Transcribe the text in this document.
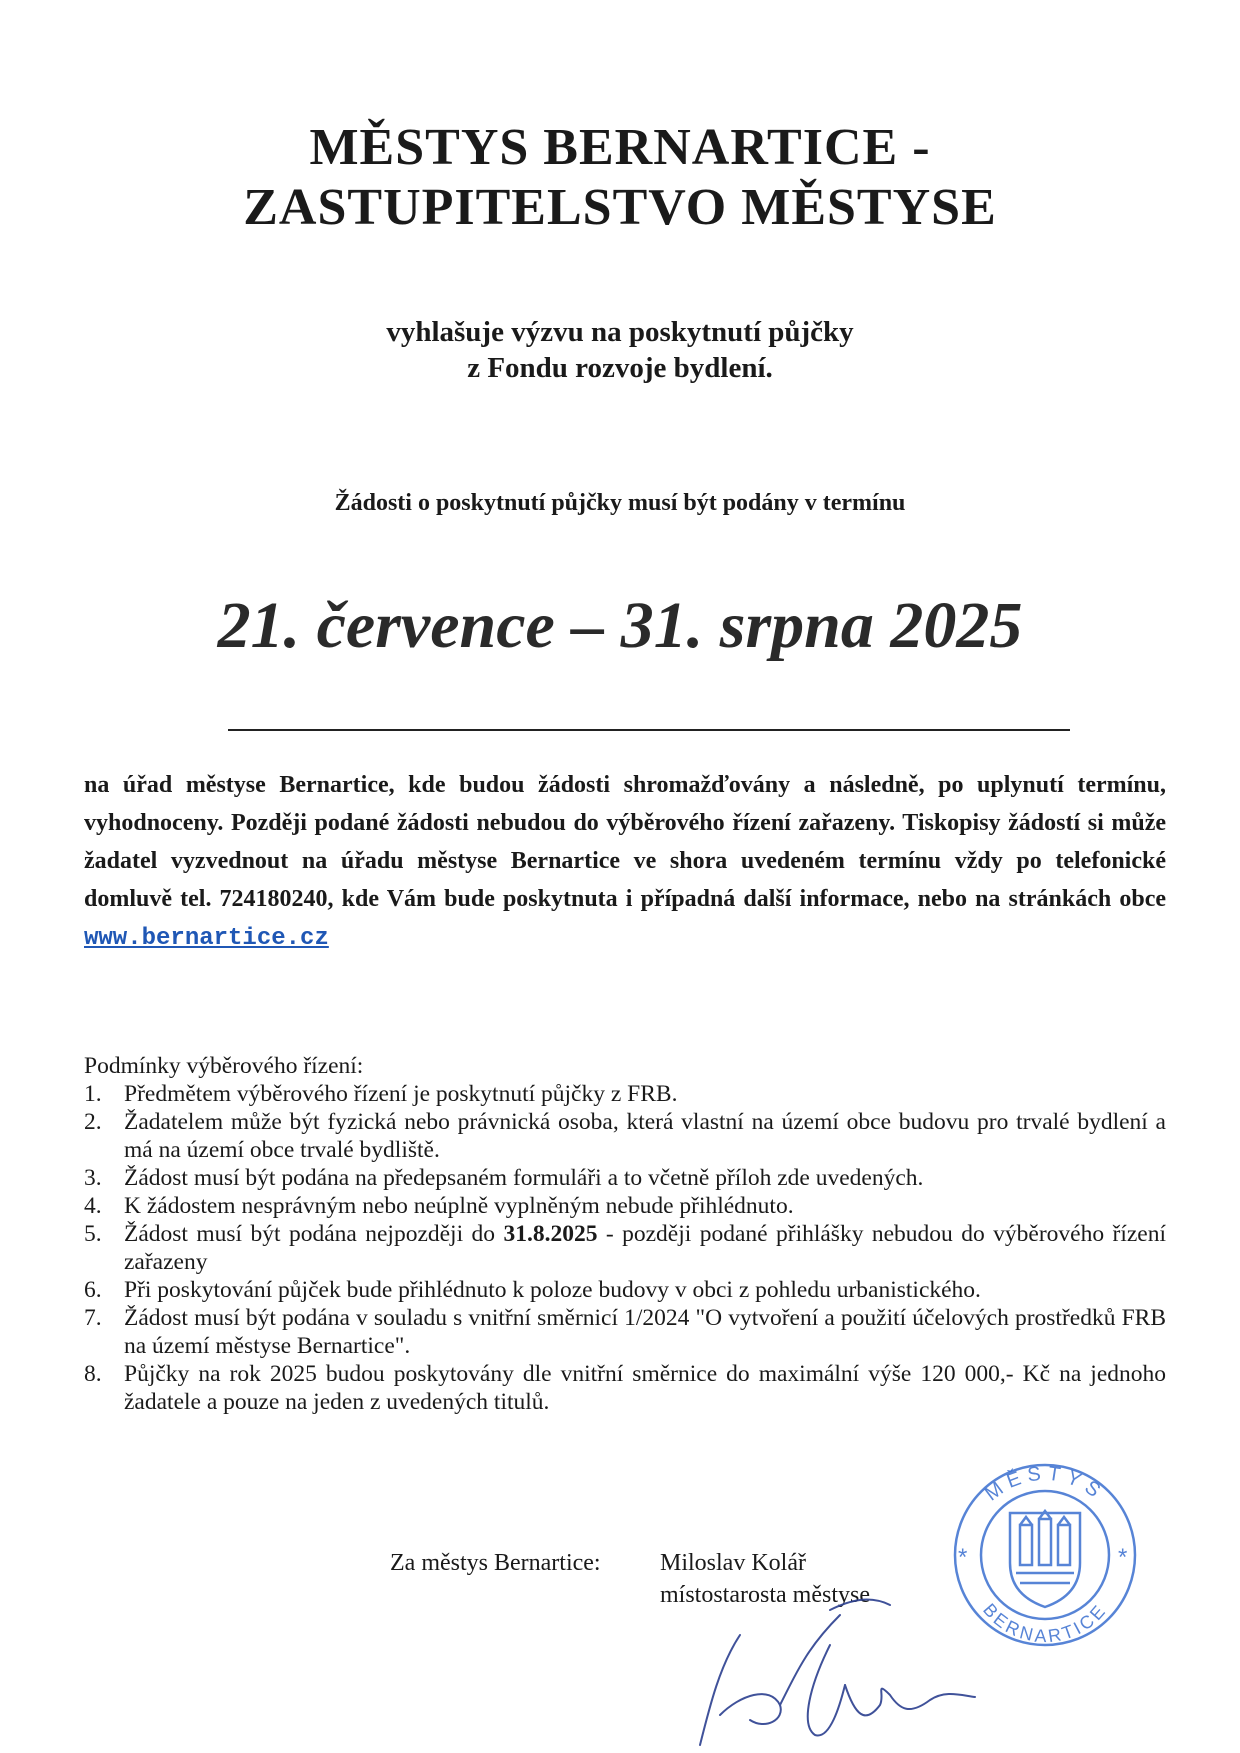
MĚSTYS BERNARTICE -
ZASTUPITELSTVO MĚSTYSE
vyhlašuje výzvu na poskytnutí půjčky
z Fondu rozvoje bydlení.
Žádosti o poskytnutí půjčky musí být podány v termínu
21. července – 31. srpna 2025
na úřad městyse Bernartice, kde budou žádosti shromažďovány a následně, po uplynutí termínu, vyhodnoceny. Později podané žádosti nebudou do výběrového řízení zařazeny. Tiskopisy žádostí si může žadatel vyzvednout na úřadu městyse Bernartice ve shora uvedeném termínu vždy po telefonické domluvě tel. 724180240, kde Vám bude poskytnuta i případná další informace, nebo na stránkách obce www.bernartice.cz

Podmínky výběrového řízení:

1. Předmětem výběrového řízení je poskytnutí půjčky z FRB.
2. Žadatelem může být fyzická nebo právnická osoba, která vlastní na území obce budovu pro trvalé bydlení a má na území obce trvalé bydliště.
3. Žádost musí být podána na předepsaném formuláři a to včetně příloh zde uvedených.
4. K žádostem nesprávným nebo neúplně vyplněným nebude přihlédnuto.
5. Žádost musí být podána nejpozději do 31.8.2025 - později podané přihlášky nebudou do výběrového řízení zařazeny
6. Při poskytování půjček bude přihlédnuto k poloze budovy v obci z pohledu urbanistického.
7. Žádost musí být podána v souladu s vnitřní směrnicí 1/2024 "O vytvoření a použití účelových prostředků FRB na území městyse Bernartice".
8. Půjčky na rok 2025 budou poskytovány dle vnitřní směrnice do maximální výše 120 000,- Kč na jednoho žadatele a pouze na jeden z uvedených titulů.
Za městys Bernartice: Miloslav Kolář
místostarosta městyse
*	*
MĚSTYS
BERNARTICE
